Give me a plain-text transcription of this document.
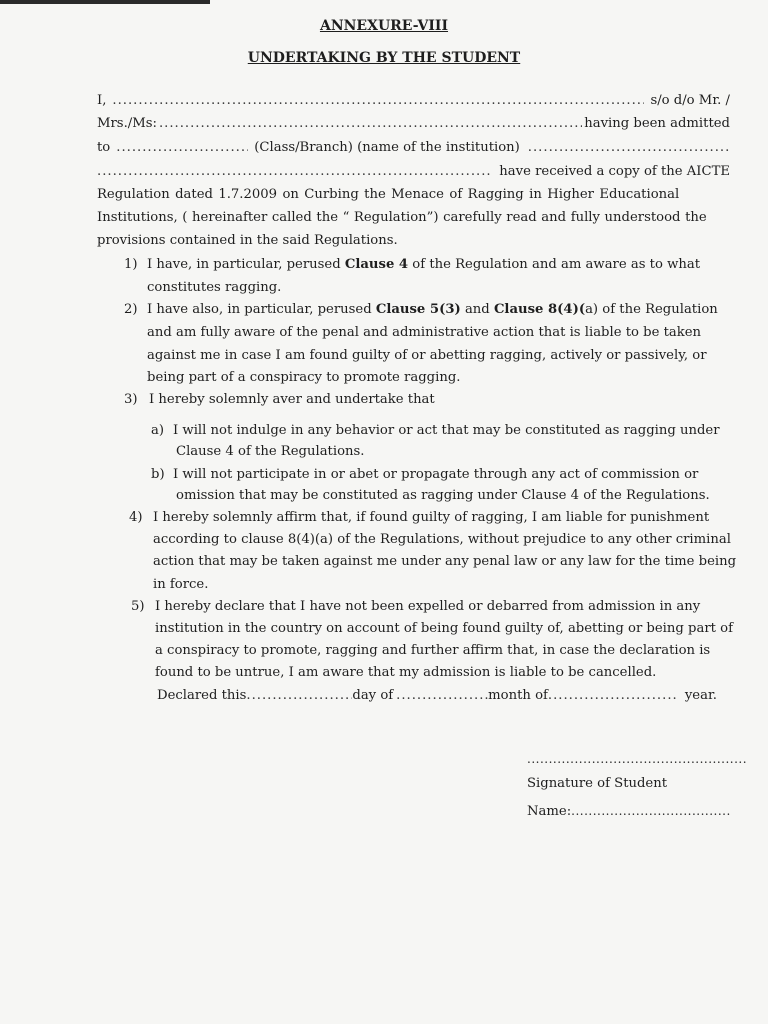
ANNEXURE-VIII
UNDERTAKING BY THE STUDENT
I, .....	s/o d/o Mr. /
Mrs./Ms: .....	having been admitted
to .....	(Class/Branch) (name of the institution)
.....
.....
have received a copy of the AICTE
Regulation dated 1.7.2009 on Curbing the Menace of Ragging in Higher Educational
Institutions, ( hereinafter called the “ Regulation”) carefully read and fully understood the
provisions contained in the said Regulations.
1) I have, in particular, perused Clause 4 of the Regulation and am aware as to what
constitutes ragging.
2) I have also, in particular, perused Clause 5(3) and Clause 8(4)(a) of the Regulation
and am fully aware of the penal and administrative action that is liable to be taken
against me in case I am found guilty of or abetting ragging, actively or passively, or
being part of a conspiracy to promote ragging.
3) I hereby solemnly aver and undertake that
a) I will not indulge in any behavior or act that may be constituted as ragging under
Clause 4 of the Regulations.
b) I will not participate in or abet or propagate through any act of commission or
omission that may be constituted as ragging under Clause 4 of the Regulations.
4) I hereby solemnly affirm that, if found guilty of ragging, I am liable for punishment
according to clause 8(4)(a) of the Regulations, without prejudice to any other criminal
action that may be taken against me under any penal law or any law for the time being
in force.
5) I hereby declare that I have not been expelled or debarred from admission in any
institution in the country on account of being found guilty of, abetting or being part of
a conspiracy to promote, ragging and further affirm that, in case the declaration is
found to be untrue, I am aware that my admission is liable to be cancelled.
Declared this .....	day of .....	month of .....	year.
...................................................
Signature of Student
Name:.....................................
